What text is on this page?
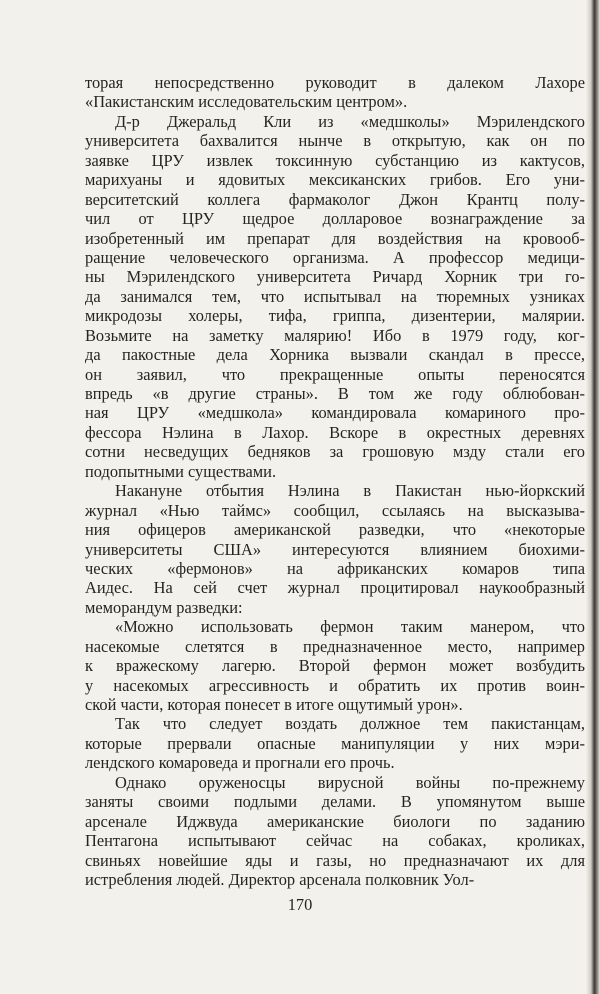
торая непосредственно руководит в далеком Лахоре
«Пакистанским исследовательским центром».
Д-р Джеральд Кли из «медшколы» Мэрилендского
университета бахвалится нынче в открытую, как он по
заявке ЦРУ извлек токсинную субстанцию из кактусов,
марихуаны и ядовитых мексиканских грибов. Его уни-
верситетский коллега фармаколог Джон Крантц полу-
чил от ЦРУ щедрое долларовое вознаграждение за
изобретенный им препарат для воздействия на кровооб-
ращение человеческого организма. А профессор медици-
ны Мэрилендского университета Ричард Хорник три го-
да занимался тем, что испытывал на тюремных узниках
микродозы холеры, тифа, гриппа, дизентерии, малярии.
Возьмите на заметку малярию! Ибо в 1979 году, ког-
да пакостные дела Хорника вызвали скандал в прессе,
он заявил, что прекращенные опыты переносятся
впредь «в другие страны». В том же году облюбован-
ная ЦРУ «медшкола» командировала комариного про-
фессора Нэлина в Лахор. Вскоре в окрестных деревнях
сотни несведущих бедняков за грошовую мзду стали его
подопытными существами.
Накануне отбытия Нэлина в Пакистан нью-йоркский
журнал «Нью таймс» сообщил, ссылаясь на высказыва-
ния офицеров американской разведки, что «некоторые
университеты США» интересуются влиянием биохими-
ческих «фермонов» на африканских комаров типа
Аидес. На сей счет журнал процитировал наукообразный
меморандум разведки:
«Можно использовать фермон таким манером, что
насекомые слетятся в предназначенное место, например
к вражескому лагерю. Второй фермон может возбудить
у насекомых агрессивность и обратить их против воин-
ской части, которая понесет в итоге ощутимый урон».
Так что следует воздать должное тем пакистанцам,
которые прервали опасные манипуляции у них мэри-
лендского комароведа и прогнали его прочь.
Однако оруженосцы вирусной войны по-прежнему
заняты своими подлыми делами. В упомянутом выше
арсенале Иджвуда американские биологи по заданию
Пентагона испытывают сейчас на собаках, кроликах,
свиньях новейшие яды и газы, но предназначают их для
истребления людей. Директор арсенала полковник Уол-
170
